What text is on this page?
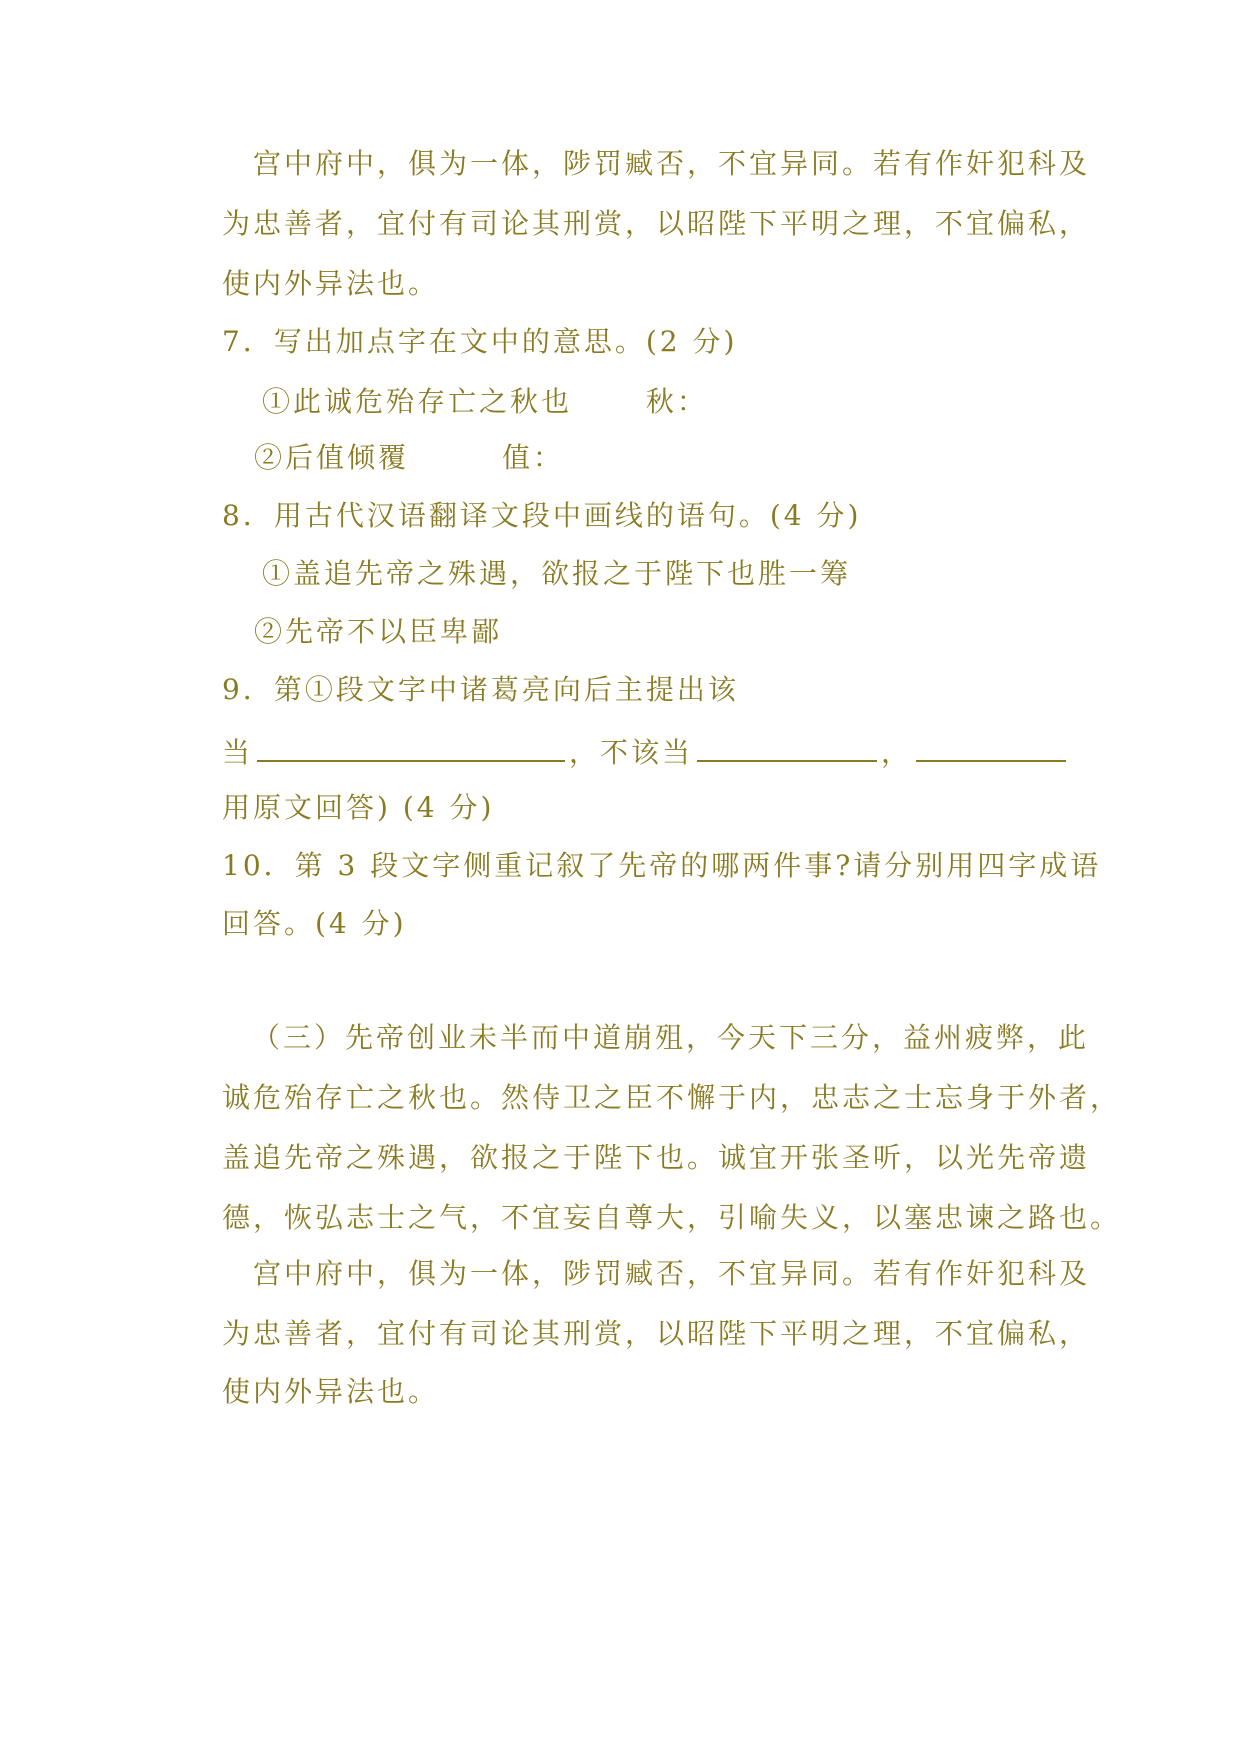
　宫中府中，俱为一体，陟罚臧否，不宜异同。若有作奸犯科及
为忠善者，宜付有司论其刑赏，以昭陛下平明之理，不宜偏私，
使内外异法也。
7．写出加点字在文中的意思。(2 分)
①此诚危殆存亡之秋也　　 秋：
②后值倾覆　　　值：
8．用古代汉语翻译文段中画线的语句。(4 分)
①盖追先帝之殊遇，欲报之于陛下也胜一筹
②先帝不以臣卑鄙
9．第①段文字中诸葛亮向后主提出该
当	，不该当	，
用原文回答) (4 分)
10．第 3 段文字侧重记叙了先帝的哪两件事?请分别用四字成语
回答。(4 分)
（三）先帝创业未半而中道崩殂，今天下三分，益州疲弊，此
诚危殆存亡之秋也。然侍卫之臣不懈于内，忠志之士忘身于外者，
盖追先帝之殊遇，欲报之于陛下也。诚宜开张圣听，以光先帝遗
德，恢弘志士之气，不宜妄自尊大，引喻失义，以塞忠谏之路也。
　宫中府中，俱为一体，陟罚臧否，不宜异同。若有作奸犯科及
为忠善者，宜付有司论其刑赏，以昭陛下平明之理，不宜偏私，
使内外异法也。
